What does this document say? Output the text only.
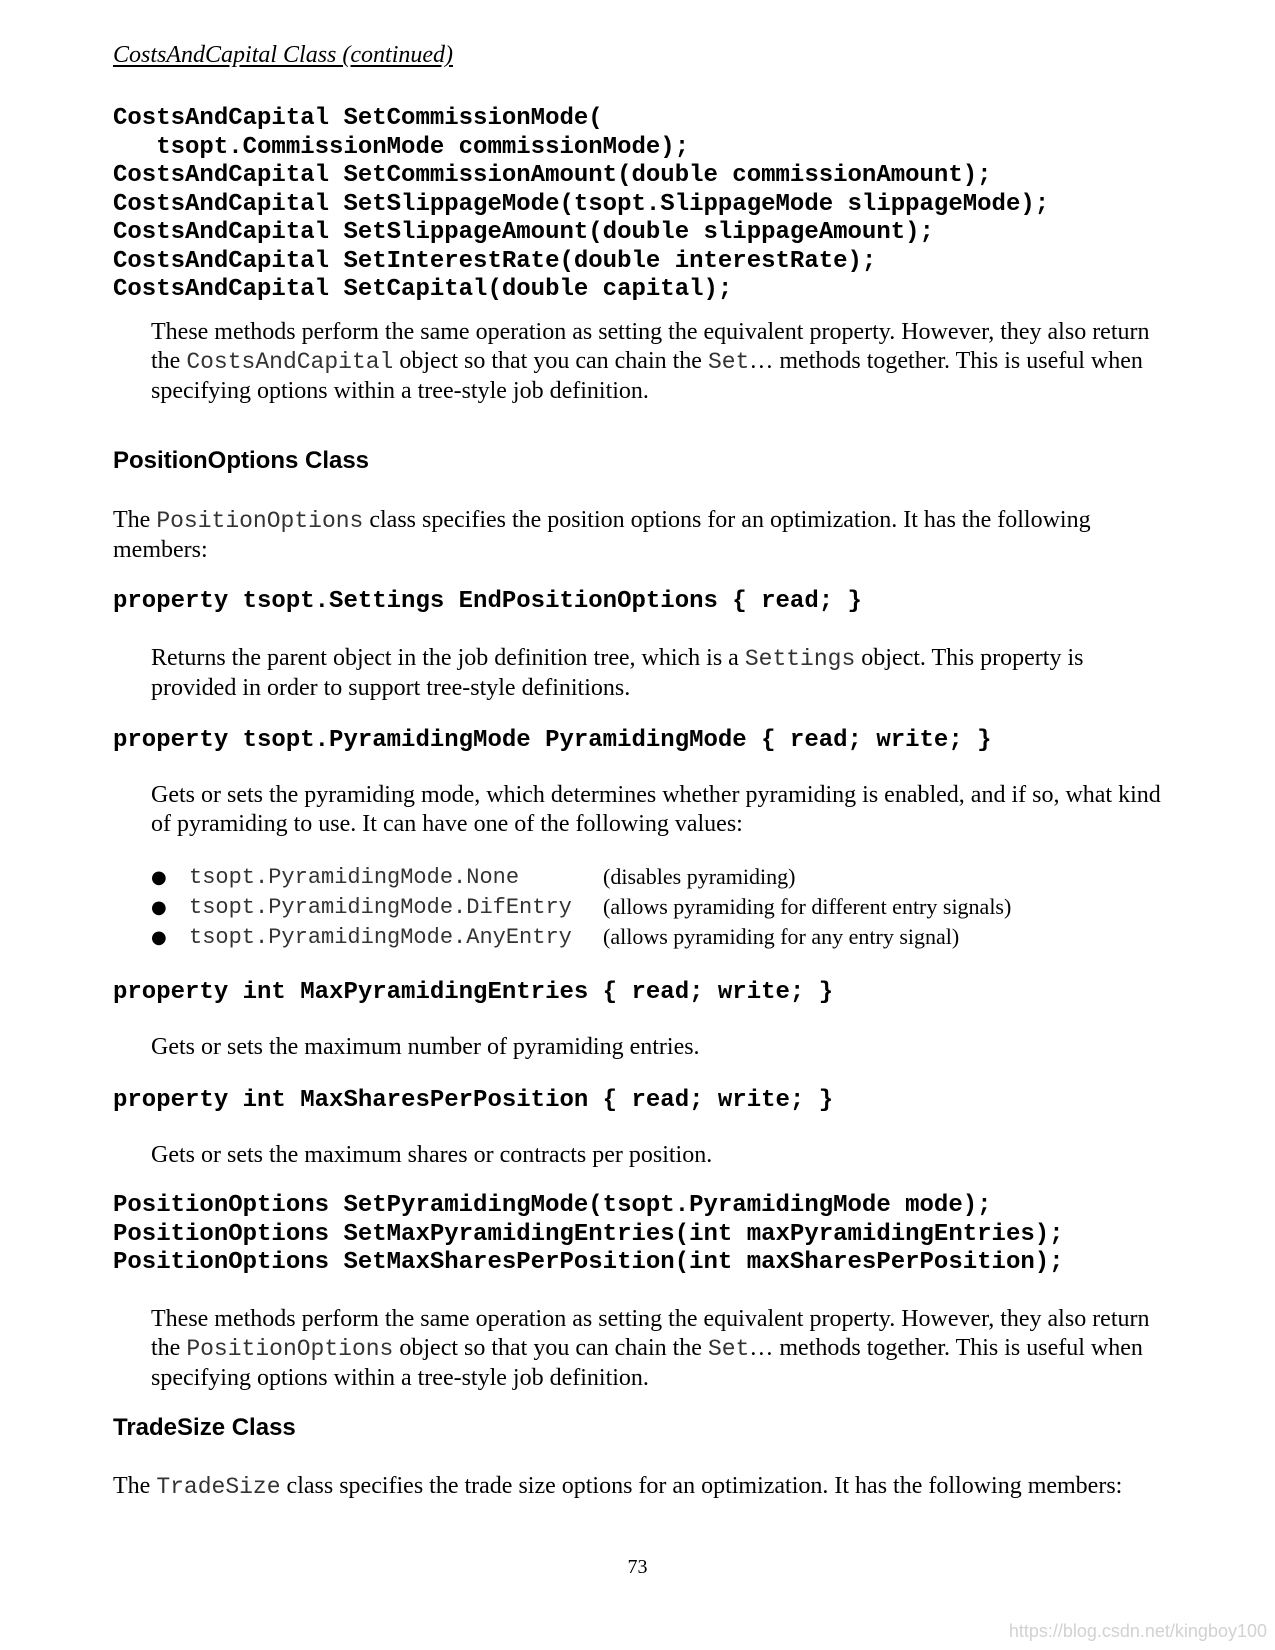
CostsAndCapital Class (continued)
CostsAndCapital SetCommissionMode(
tsopt.CommissionMode commissionMode);
CostsAndCapital SetCommissionAmount(double commissionAmount);
CostsAndCapital SetSlippageMode(tsopt.SlippageMode slippageMode);
CostsAndCapital SetSlippageAmount(double slippageAmount);
CostsAndCapital SetInterestRate(double interestRate);
CostsAndCapital SetCapital(double capital);

These methods perform the same operation as setting the equivalent property. However, they also return the CostsAndCapital object so that you can chain the Set… methods together. This is useful when specifying options within a tree-style job definition.

PositionOptions Class

The PositionOptions class specifies the position options for an optimization. It has the following members:

property tsopt.Settings EndPositionOptions { read; }

Returns the parent object in the job definition tree, which is a Settings object. This property is provided in order to support tree-style definitions.

property tsopt.PyramidingMode PyramidingMode { read; write; }

Gets or sets the pyramiding mode, which determines whether pyramiding is enabled, and if so, what kind of pyramiding to use. It can have one of the following values:

●	tsopt.PyramidingMode.None	(disables pyramiding)
●	tsopt.PyramidingMode.DifEntry	(allows pyramiding for different entry signals)
●	tsopt.PyramidingMode.AnyEntry	(allows pyramiding for any entry signal)
property int MaxPyramidingEntries { read; write; }

Gets or sets the maximum number of pyramiding entries.

property int MaxSharesPerPosition { read; write; }

Gets or sets the maximum shares or contracts per position.

PositionOptions SetPyramidingMode(tsopt.PyramidingMode mode);
PositionOptions SetMaxPyramidingEntries(int maxPyramidingEntries);
PositionOptions SetMaxSharesPerPosition(int maxSharesPerPosition);

These methods perform the same operation as setting the equivalent property. However, they also return the PositionOptions object so that you can chain the Set… methods together. This is useful when specifying options within a tree-style job definition.

TradeSize Class

The TradeSize class specifies the trade size options for an optimization. It has the following members:

73
https://blog.csdn.net/kingboy100
